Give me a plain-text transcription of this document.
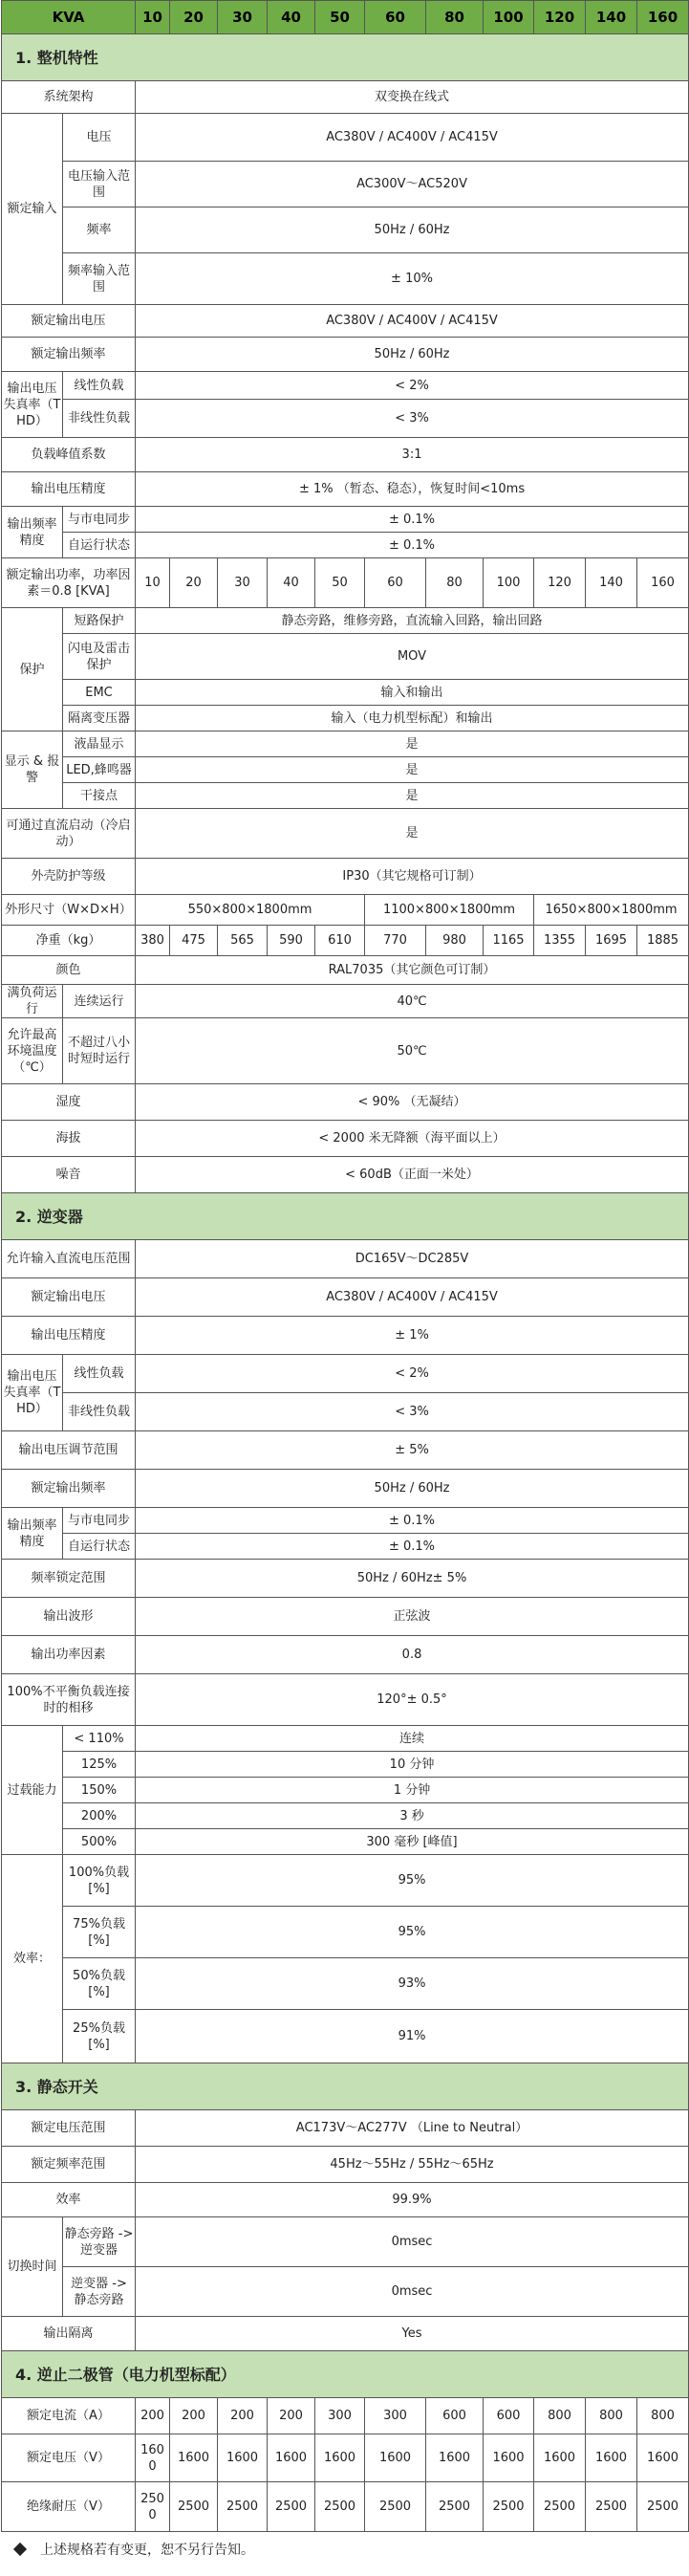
KVA		10	20	30	40	50	60	80	100	120	140	160
1. 整机特性												
系统架构		双变换在线式										
额定输入	电压	AC380V / AC400V / AC415V										
	电压输入范围	AC300V～AC520V										
	频率	50Hz / 60Hz										
	频率输入范围	± 10%										
额定输出电压		AC380V / AC400V / AC415V										
额定输出频率		50Hz / 60Hz										
输出电压失真率（THD）	线性负载	< 2%										
	非线性负载	< 3%										
负载峰值系数		3:1										
输出电压精度		± 1% （暂态、稳态），恢复时间<10ms										
输出频率精度	与市电同步	± 0.1%										
	自运行状态	± 0.1%										
额定输出功率，功率因素＝0.8 [KVA]		10	20	30	40	50	60	80	100	120	140	160
保护	短路保护	静态旁路，维修旁路，直流输入回路，输出回路										
	闪电及雷击保护	MOV										
	EMC	输入和输出										
	隔离变压器	输入（电力机型标配）和输出										
显示 & 报警	液晶显示	是										
	LED,蜂鸣器	是										
	干接点	是										
可通过直流启动（冷启动）		是										
外壳防护等级		IP30（其它规格可订制）										
外形尺寸（W×D×H）		550×800×1800mm					1100×800×1800mm			1650×800×1800mm		
净重（kg）		380	475	565	590	610	770	980	1165	1355	1695	1885
颜色		RAL7035（其它颜色可订制）										
满负荷运行	连续运行	40℃										
允许最高环境温度（℃）	不超过八小时短时运行	50℃										
湿度		< 90% （无凝结）										
海拔		< 2000 米无降额（海平面以上）										
噪音		< 60dB（正面一米处）										
2. 逆变器												
允许输入直流电压范围		DC165V～DC285V										
额定输出电压		AC380V / AC400V / AC415V										
输出电压精度		± 1%										
输出电压失真率（THD）	线性负载	< 2%										
	非线性负载	< 3%										
输出电压调节范围		± 5%										
额定输出频率		50Hz / 60Hz										
输出频率精度	与市电同步	± 0.1%										
	自运行状态	± 0.1%										
频率锁定范围		50Hz / 60Hz± 5%										
输出波形		正弦波										
输出功率因素		0.8										
100%不平衡负载连接时的相移		120°± 0.5°										
过载能力	< 110%	连续										
	125%	10 分钟										
	150%	1 分钟										
	200%	3 秒										
	500%	300 毫秒 [峰值]										
效率：	100%负载 [%]	95%										
	75%负载 [%]	95%										
	50%负载 [%]	93%										
	25%负载 [%]	91%										
3. 静态开关												
额定电压范围		AC173V～AC277V （Line to Neutral）										
额定频率范围		45Hz～55Hz / 55Hz～65Hz										
效率		99.9%										
切换时间	静态旁路 -> 逆变器	0msec										
	逆变器 -> 静态旁路	0msec										
输出隔离		Yes										
4. 逆止二极管（电力机型标配）												
额定电流（A）		200	200	200	200	300	300	600	600	800	800	800
额定电压（V）		1600	1600	1600	1600	1600	1600	1600	1600	1600	1600	1600
绝缘耐压（V）		2500	2500	2500	2500	2500	2500	2500	2500	2500	2500	2500
上述规格若有变更，恕不另行告知。
